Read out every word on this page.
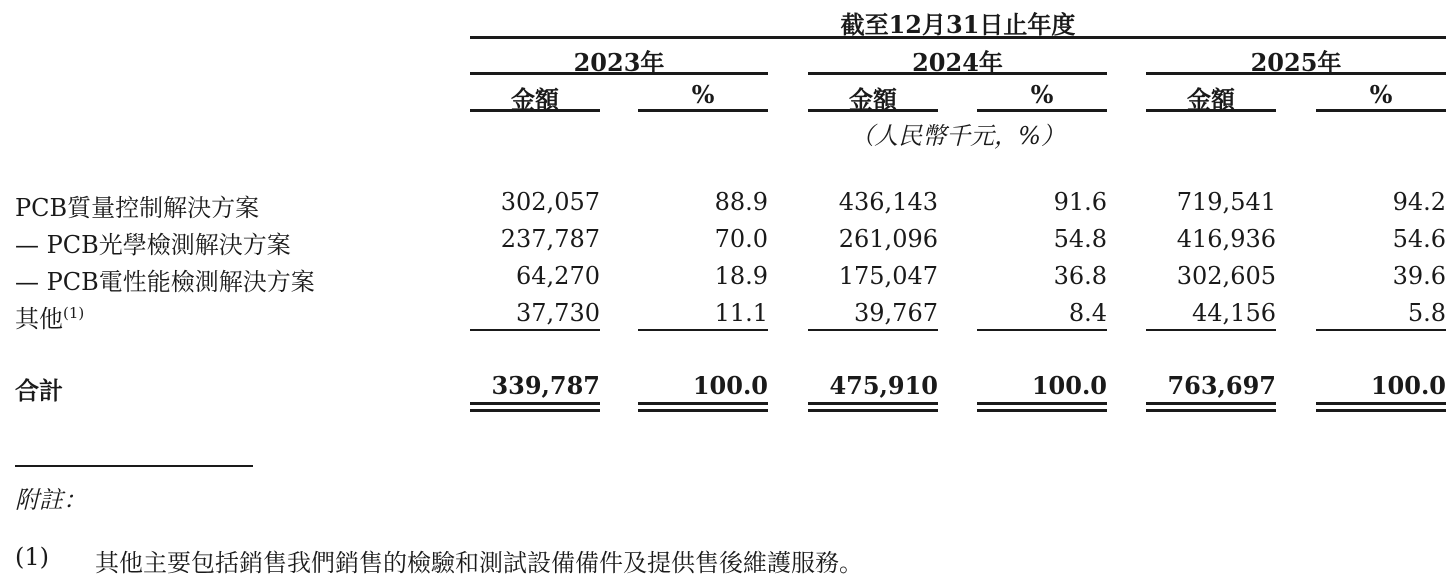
截至12月31日止年度
2023年	2024年	2025年
金額	%	金額	%	金額	%
（人民幣千元，%）
PCB質量控制解決方案	302,057	88.9	436,143	91.6	719,541	94.2
— PCB光學檢測解決方案	237,787	70.0	261,096	54.8	416,936	54.6
— PCB電性能檢測解決方案	64,270	18.9	175,047	36.8	302,605	39.6
其他$^{(1)}$	37,730	11.1	39,767	8.4	44,156	5.8
合計	339,787	100.0	475,910	100.0	763,697	100.0
附註：
(1) 其他主要包括銷售我們銷售的檢驗和測試設備備件及提供售後維護服務。
